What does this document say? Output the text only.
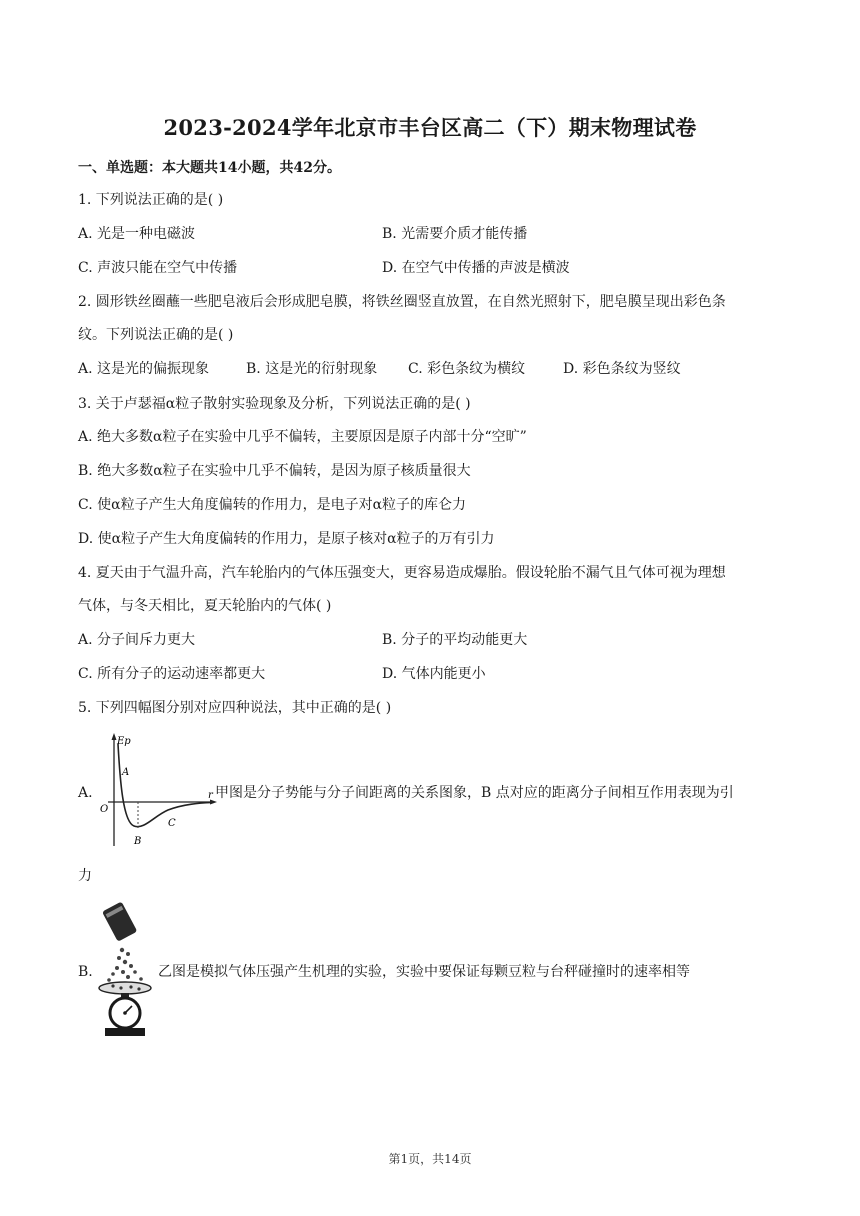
2023-2024学年北京市丰台区高二（下）期末物理试卷
一、单选题：本大题共14小题，共42分。
1. 下列说法正确的是( )
A. 光是一种电磁波	B. 光需要介质才能传播
C. 声波只能在空气中传播	D. 在空气中传播的声波是横波
2. 圆形铁丝圈蘸一些肥皂液后会形成肥皂膜，将铁丝圈竖直放置，在自然光照射下，肥皂膜呈现出彩色条
纹。下列说法正确的是( )
A. 这是光的偏振现象	B. 这是光的衍射现象 C. 彩色条纹为横纹	D. 彩色条纹为竖纹
3. 关于卢瑟福α粒子散射实验现象及分析，下列说法正确的是( )
A. 绝大多数α粒子在实验中几乎不偏转，主要原因是原子内部十分“空旷”
B. 绝大多数α粒子在实验中几乎不偏转，是因为原子核质量很大
C. 使α粒子产生大角度偏转的作用力，是电子对α粒子的库仑力
D. 使α粒子产生大角度偏转的作用力，是原子核对α粒子的万有引力
4. 夏天由于气温升高，汽车轮胎内的气体压强变大，更容易造成爆胎。假设轮胎不漏气且气体可视为理想
气体，与冬天相比，夏天轮胎内的气体( )
A. 分子间斥力更大	B. 分子的平均动能更大
C. 所有分子的运动速率都更大	D. 气体内能更小
5. 下列四幅图分别对应四种说法，其中正确的是( )
A.
Ep
r
O
A
B
C
甲图是分子势能与分子间距离的关系图象，B 点对应的距离分子间相互作用表现为引
力
B.	乙图是模拟气体压强产生机理的实验，实验中要保证每颗豆粒与台秤碰撞时的速率相等
第1页，共14页
